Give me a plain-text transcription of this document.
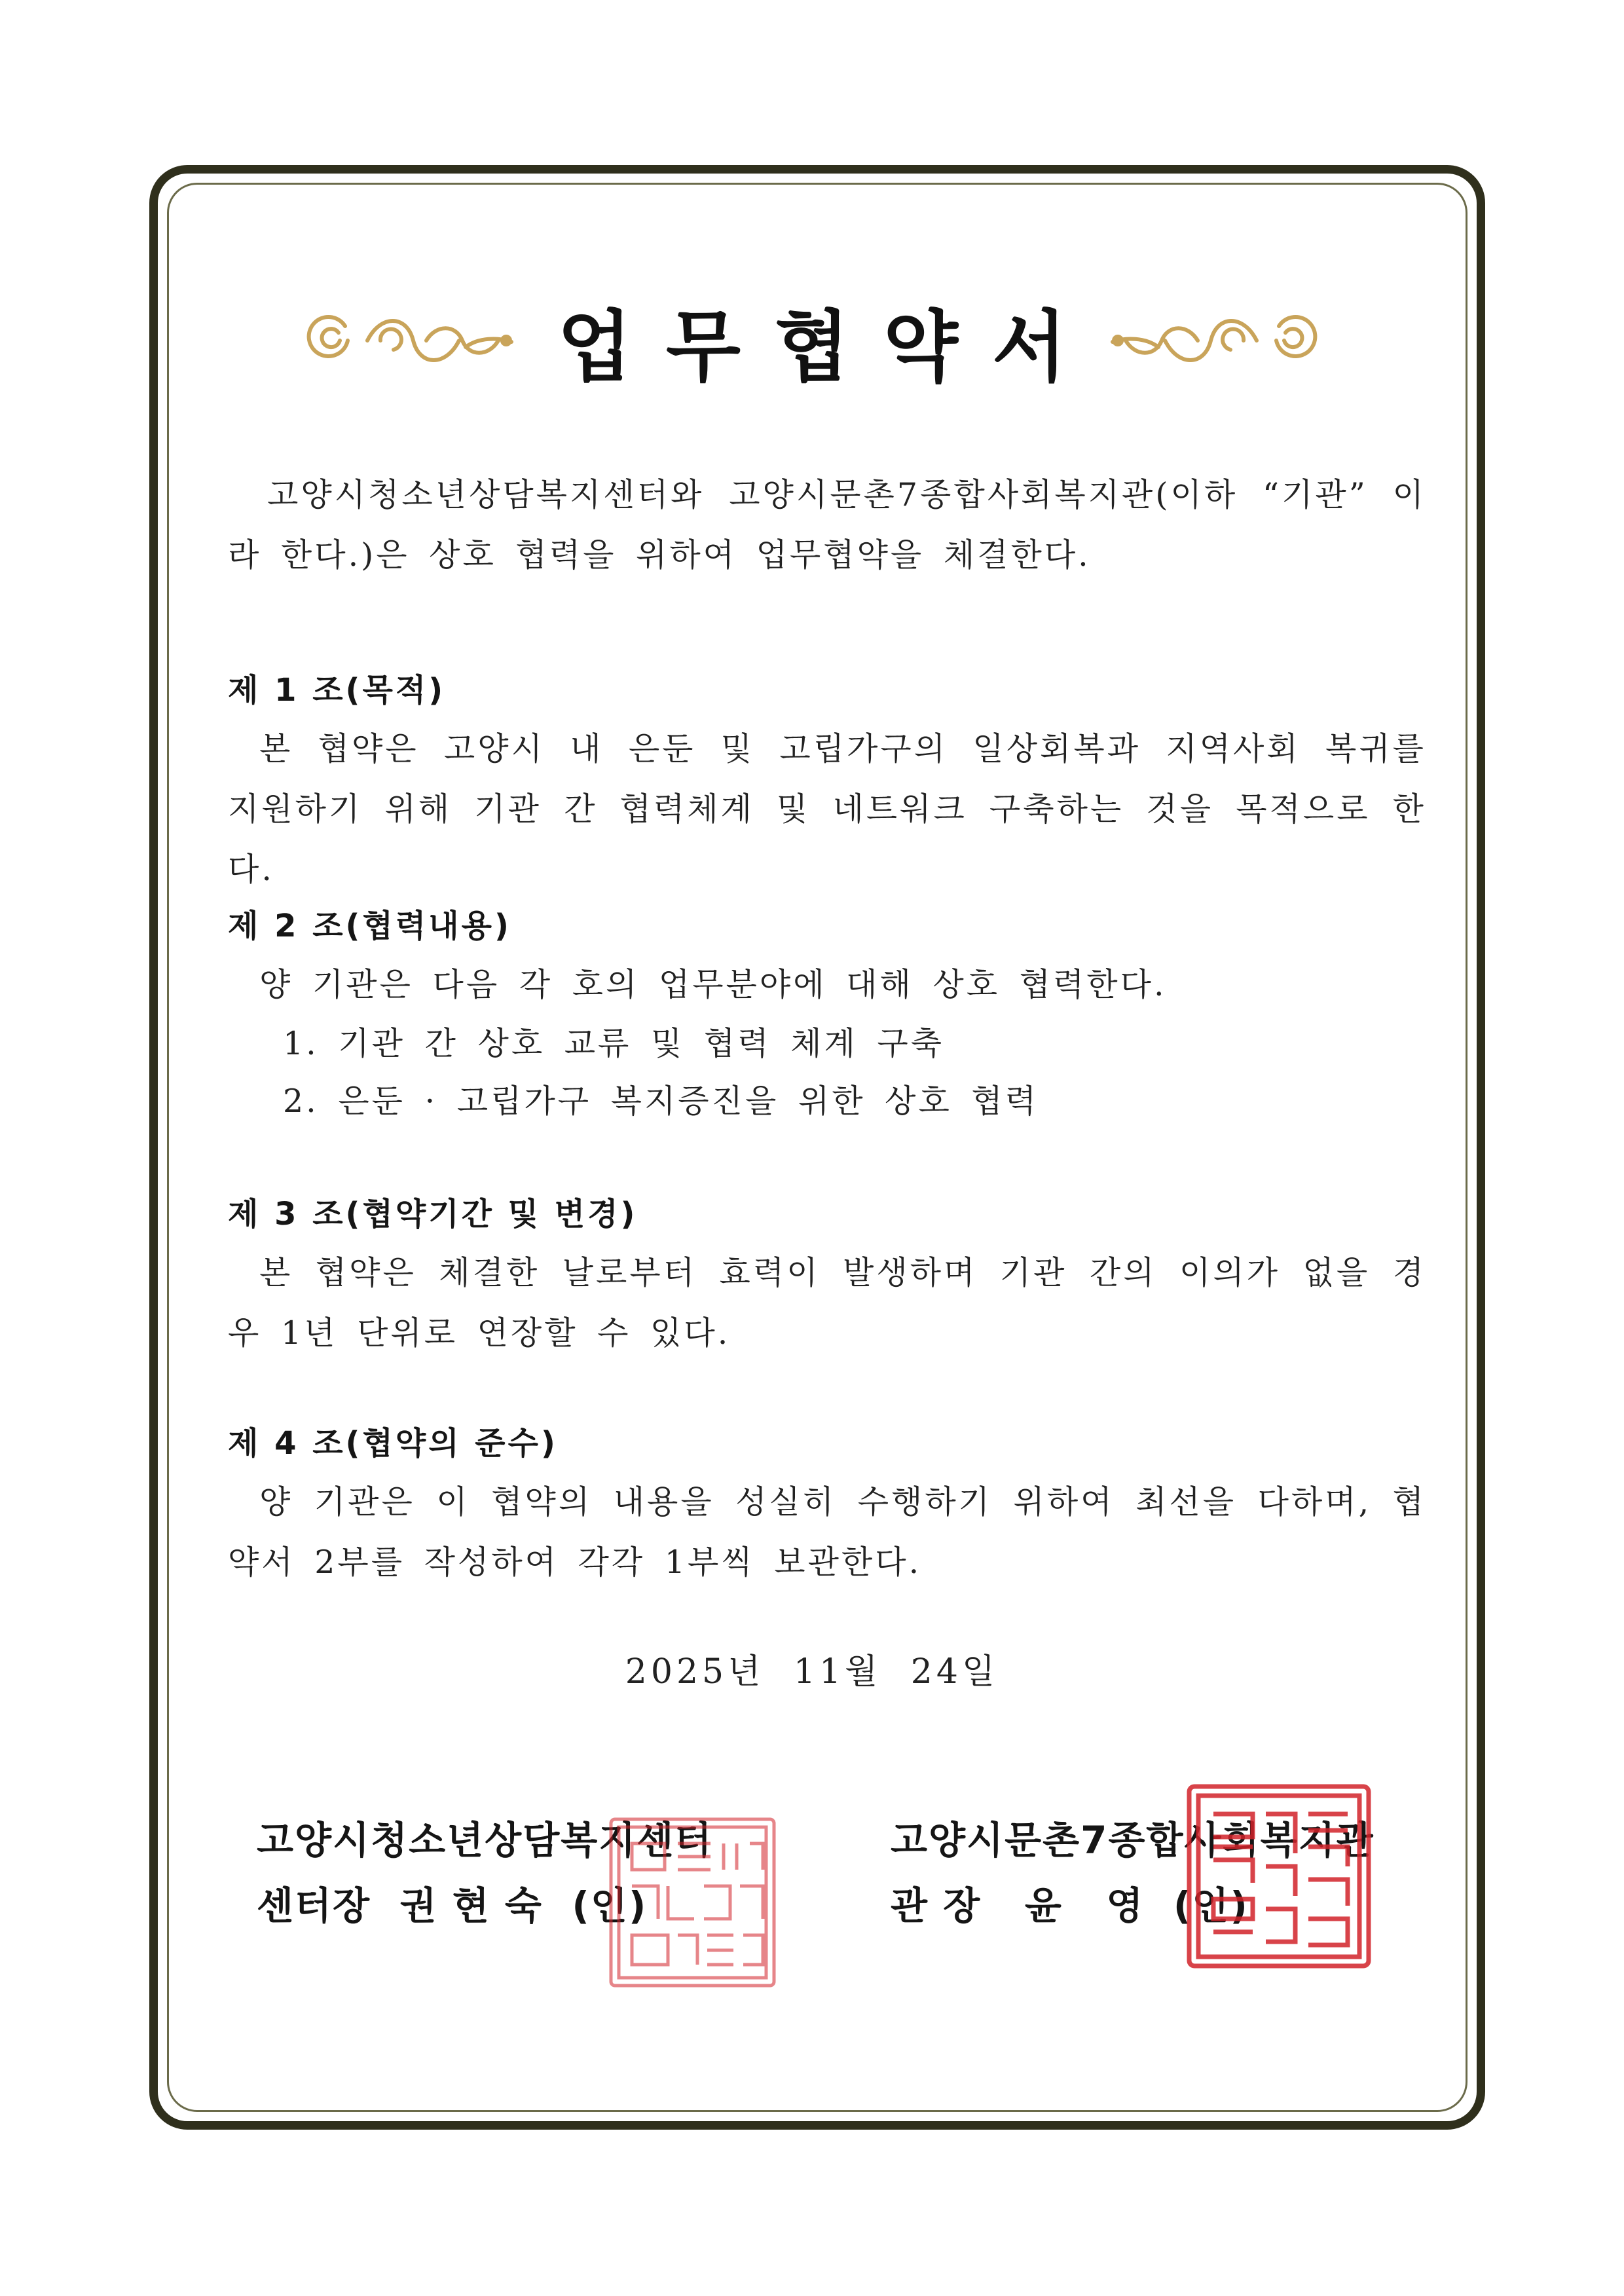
업무협약서
고양시청소년상담복지센터와 고양시문촌7종합사회복지관(이하 “기관” 이라 한다.)은 상호 협력을 위하여 업무협약을 체결한다.
제 1 조(목적)
본 협약은 고양시 내 은둔 및 고립가구의 일상회복과 지역사회 복귀를 지원하기 위해 기관 간 협력체계 및 네트워크 구축하는 것을 목적으로 한다.
제 2 조(협력내용)
양 기관은 다음 각 호의 업무분야에 대해 상호 협력한다.
1. 기관 간 상호 교류 및 협력 체계 구축
2. 은둔 · 고립가구 복지증진을 위한 상호 협력
제 3 조(협약기간 및 변경)
본 협약은 체결한 날로부터 효력이 발생하며 기관 간의 이의가 없을 경우 1년 단위로 연장할 수 있다.
제 4 조(협약의 준수)
양 기관은 이 협약의 내용을 성실히 수행하기 위하여 최선을 다하며, 협약서 2부를 작성하여 각각 1부씩 보관한다.
2025년 11월 24일
고양시청소년상담복지센터
센터장  권 현 숙  (인)
고양시문촌7종합사회복지관
관 장   윤   영  (인)
